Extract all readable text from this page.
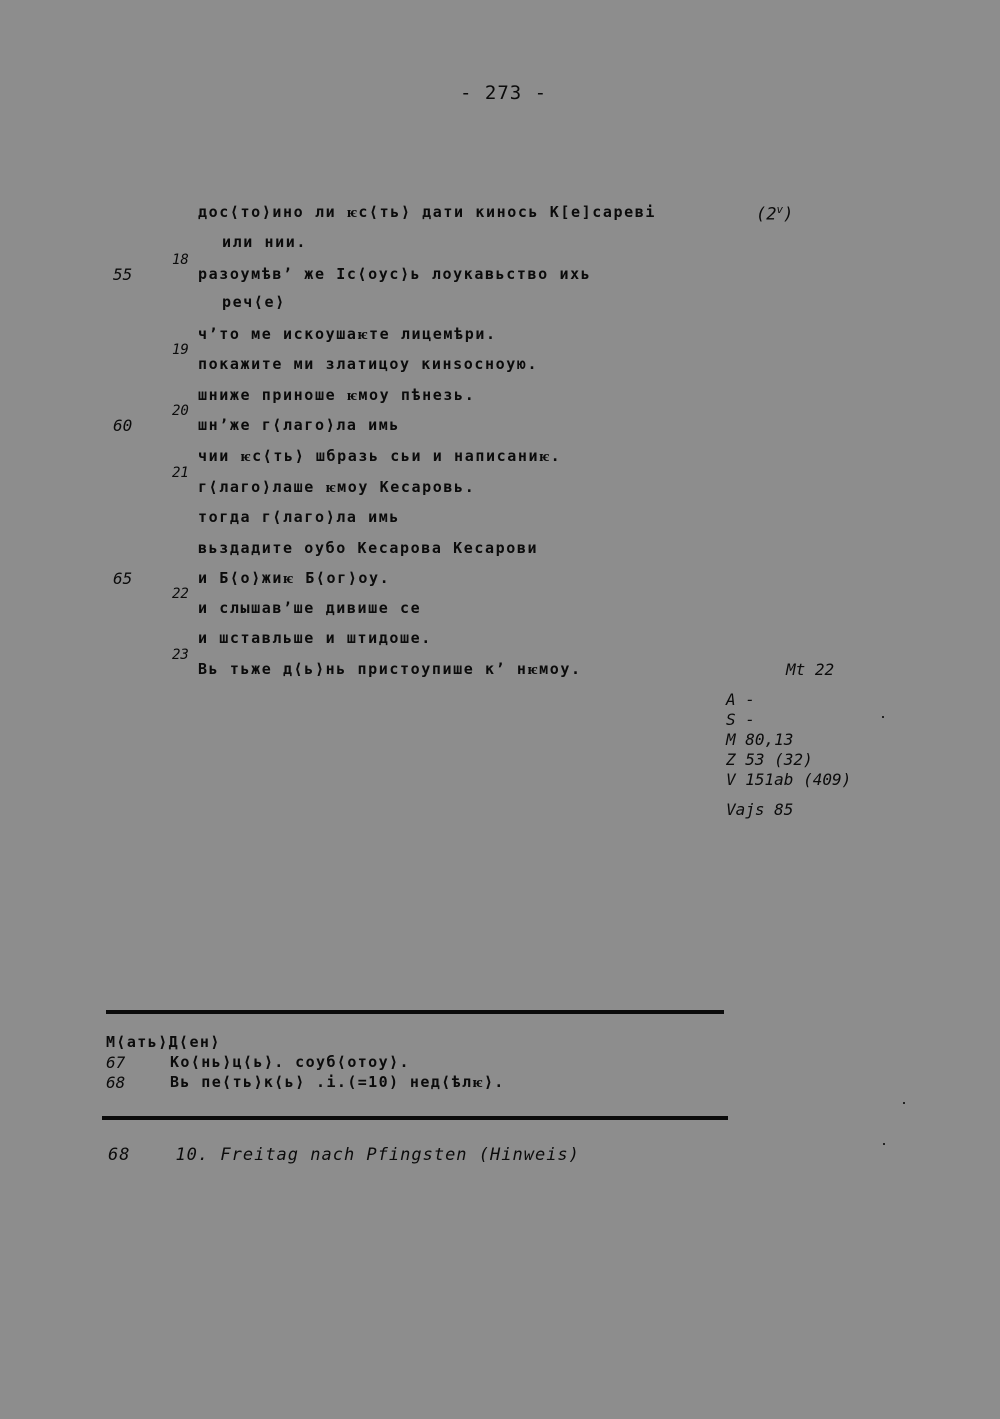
- 273 -
(2$^v$)
дос⟨то⟩ино ли ѥс⟨ть⟩ дати кинось К[е]сареві
или нии.
разоумѣв’ же Іс⟨оус⟩ь лоукавьство ихь
18
55
реч⟨е⟩
ч’то ме искоушаѥте лицемѣри.
покажите ми златицоу кинsocноую.
19
шниже приноше ѥмоу пѣнезь.
шн’же г⟨лаго⟩ла имь
20
60
чии ѥс⟨ть⟩ шбразь сьи и написаниѥ.
г⟨лаго⟩лаше ѥмоу Кесаровь.
21
тогда г⟨лаго⟩ла имь
вьздадите оубо Кесарова Кесарови
и Б⟨о⟩жиѥ Б⟨ог⟩оу.
65
и слышав’ше дивише се
22
и шставльше и штидоше.
Вь тьже д⟨ь⟩нь приcтоупише к’ нѥмоу.
23
Mt 22
A -
S -
M 80,13
Z 53 (32)
V 151ab (409)
Vajs 85
М⟨ать⟩Д⟨ен⟩
67	Ко⟨нь⟩ц⟨ь⟩. соуб⟨отоу⟩.
68	Вь пе⟨ть⟩к⟨ь⟩ .і.(=10) нед⟨ѣлѥ⟩.
68	10. Freitag nach Pfingsten (Hinweis)
